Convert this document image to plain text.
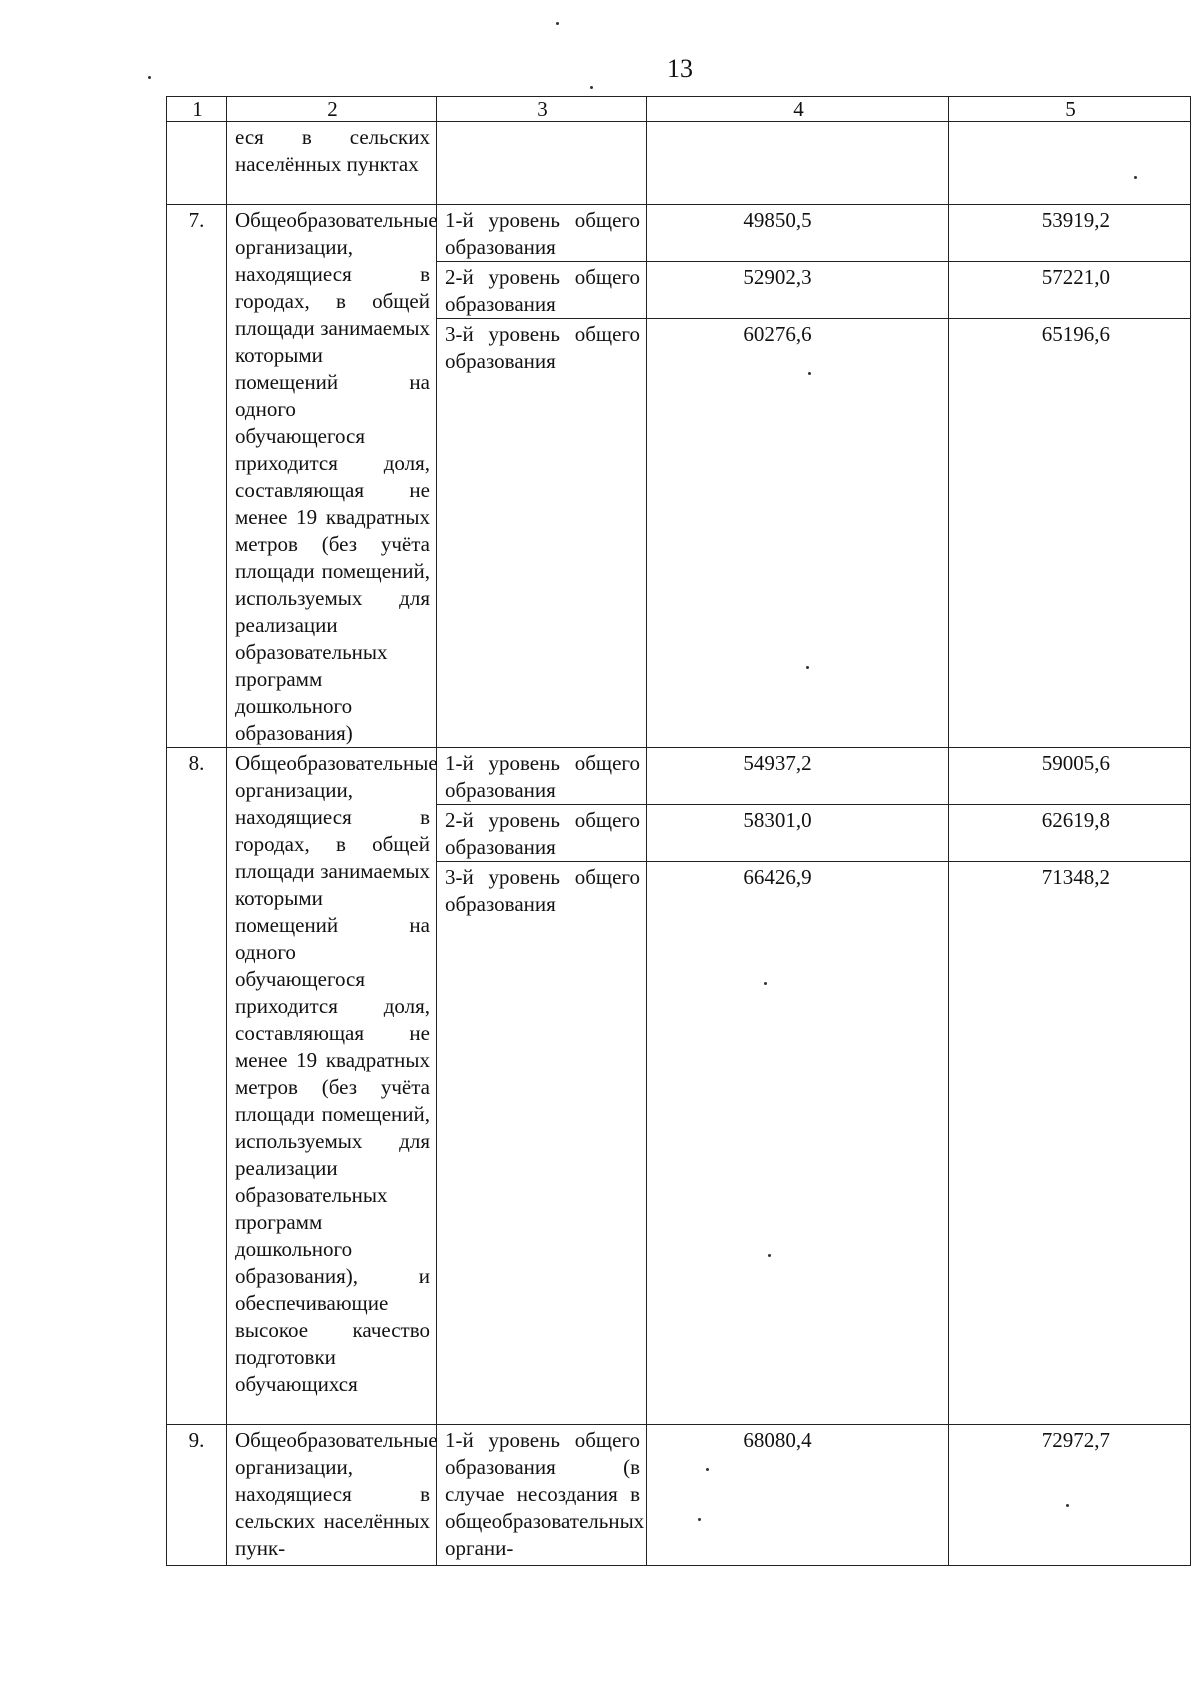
13
1	2	3	4	5
	еся в сельских населённых пунктах			
7.	Общеобразовательные организации, находящиеся в городах, в общей площади занимаемых которыми помещений на одного обучающегося приходится доля, составляющая не менее 19 квадратных метров (без учёта площади помещений, используемых для реализации образовательных программ дошкольного образования)	1-й уровень общего образования	49850,5	53919,2
		2-й уровень общего образования	52902,3	57221,0
		3-й уровень общего образования	60276,6	65196,6
8.	Общеобразовательные организации, находящиеся в городах, в общей площади занимаемых которыми помещений на одного обучающегося приходится доля, составляющая не менее 19 квадратных метров (без учёта площади помещений, используемых для реализации образовательных программ дошкольного образования), и обеспечивающие высокое качество подготовки обучающихся	1-й уровень общего образования	54937,2	59005,6
		2-й уровень общего образования	58301,0	62619,8
		3-й уровень общего образования	66426,9	71348,2
9.	Общеобразовательные организации, находящиеся в сельских населённых пунк-	1-й уровень общего образования (в случае несоздания в общеобразовательных органи-	68080,4	72972,7
